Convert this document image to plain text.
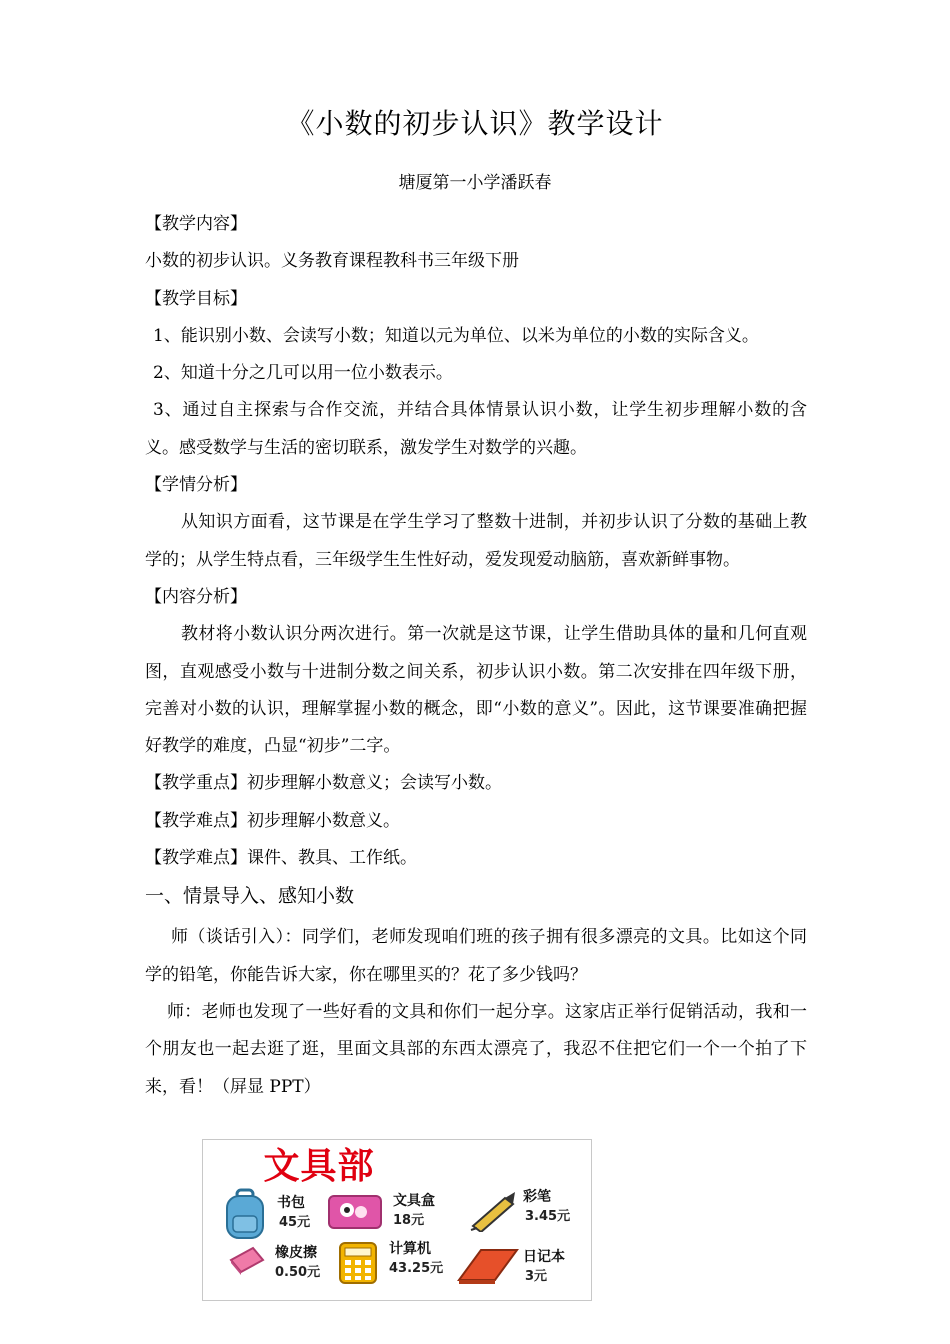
《小数的初步认识》教学设计
塘厦第一小学潘跃春

【教学内容】

小数的初步认识。义务教育课程教科书三年级下册

【教学目标】

1、能识别小数、会读写小数；知道以元为单位、以米为单位的小数的实际含义。

2、知道十分之几可以用一位小数表示。

3、通过自主探索与合作交流，并结合具体情景认识小数，让学生初步理解小数的含义。感受数学与生活的密切联系，激发学生对数学的兴趣。

【学情分析】

从知识方面看，这节课是在学生学习了整数十进制，并初步认识了分数的基础上教学的；从学生特点看，三年级学生生性好动，爱发现爱动脑筋，喜欢新鲜事物。

【内容分析】

教材将小数认识分两次进行。第一次就是这节课，让学生借助具体的量和几何直观图，直观感受小数与十进制分数之间关系，初步认识小数。第二次安排在四年级下册，完善对小数的认识，理解掌握小数的概念，即“小数的意义”。因此，这节课要准确把握好教学的难度，凸显“初步”二字。

【教学重点】初步理解小数意义；会读写小数。

【教学难点】初步理解小数意义。

【教学难点】课件、教具、工作纸。

一、情景导入、感知小数

师（谈话引入）：同学们，老师发现咱们班的孩子拥有很多漂亮的文具。比如这个同学的铅笔，你能告诉大家，你在哪里买的？花了多少钱吗？

师：老师也发现了一些好看的文具和你们一起分享。这家店正举行促销活动，我和一个朋友也一起去逛了逛，里面文具部的东西太漂亮了，我忍不住把它们一个一个拍了下来，看！（屏显 PPT）

文具部
书包
45元
文具盒
18元
彩笔
3.45元
橡皮擦
0.50元
计算机
43.25元
日记本
3元
